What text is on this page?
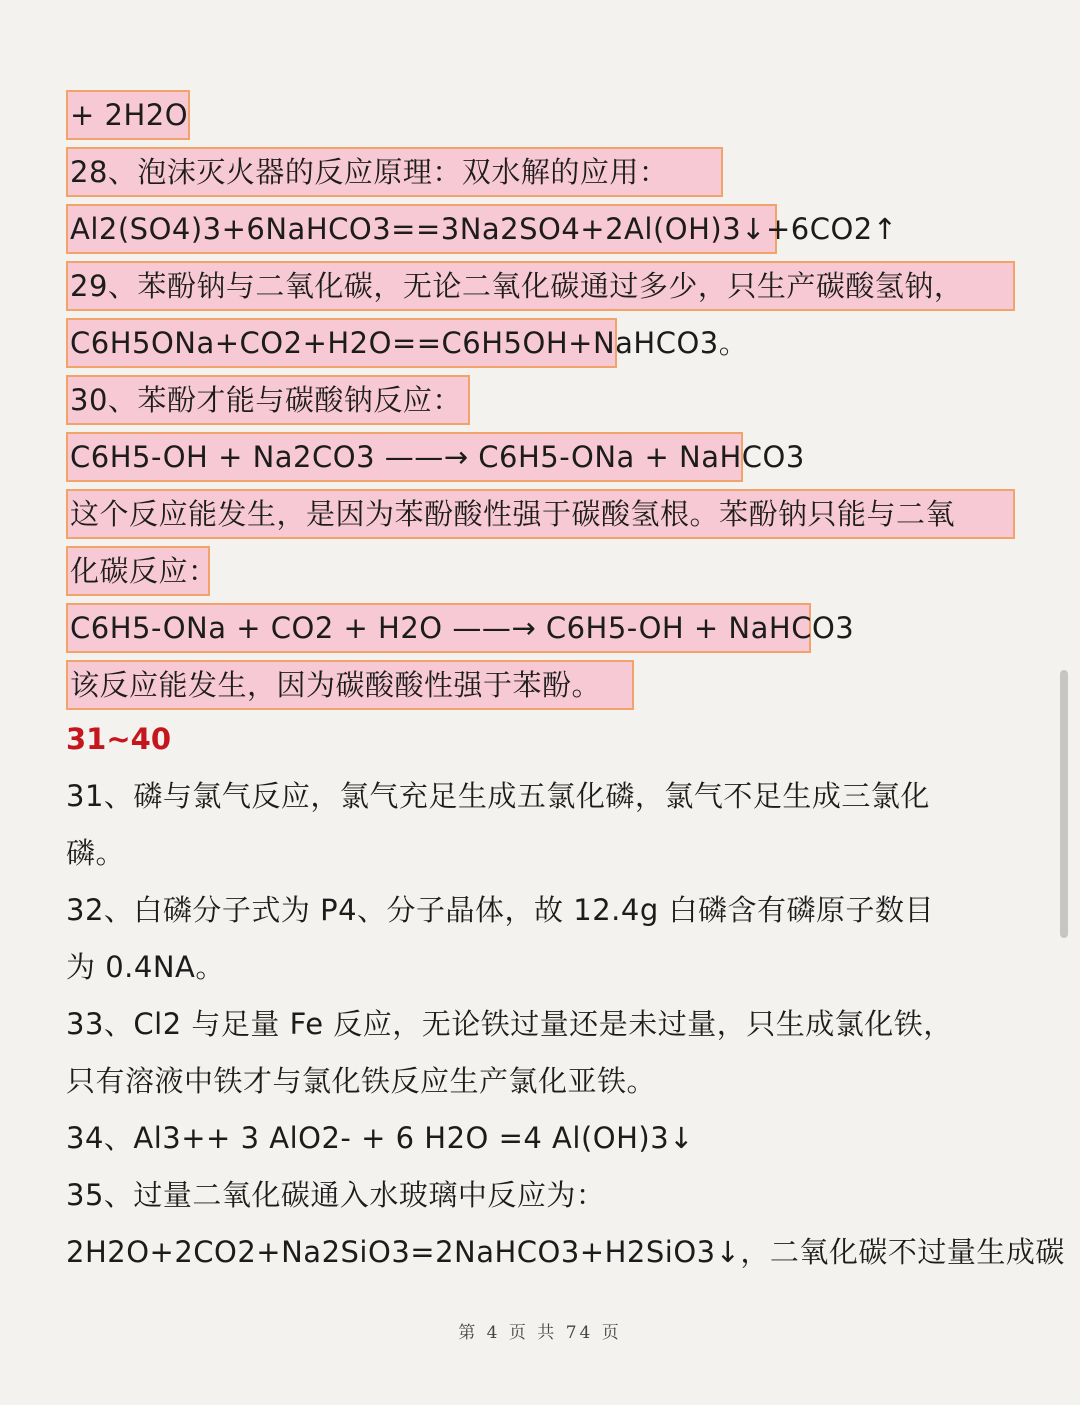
+ 2H2O
28、泡沫灭火器的反应原理：双水解的应用：
Al2(SO4)3+6NaHCO3==3Na2SO4+2Al(OH)3↓+6CO2↑
29、苯酚钠与二氧化碳，无论二氧化碳通过多少，只生产碳酸氢钠，
C6H5ONa+CO2+H2O==C6H5OH+NaHCO3。
30、苯酚才能与碳酸钠反应：
C6H5-OH + Na2CO3 ——→ C6H5-ONa + NaHCO3
这个反应能发生，是因为苯酚酸性强于碳酸氢根。苯酚钠只能与二氧
化碳反应：
C6H5-ONa + CO2 + H2O ——→ C6H5-OH + NaHCO3
该反应能发生，因为碳酸酸性强于苯酚。
31~40
31、磷与氯气反应，氯气充足生成五氯化磷，氯气不足生成三氯化
磷。
32、白磷分子式为 P4、分子晶体，故 12.4g 白磷含有磷原子数目
为 0.4NA。
33、Cl2 与足量 Fe 反应，无论铁过量还是未过量，只生成氯化铁，
只有溶液中铁才与氯化铁反应生产氯化亚铁。
34、Al3++ 3 AlO2- + 6 H2O =4 Al(OH)3↓
35、过量二氧化碳通入水玻璃中反应为：
2H2O+2CO2+Na2SiO3=2NaHCO3+H2SiO3↓，二氧化碳不过量生成碳
第 4 页 共 74 页
